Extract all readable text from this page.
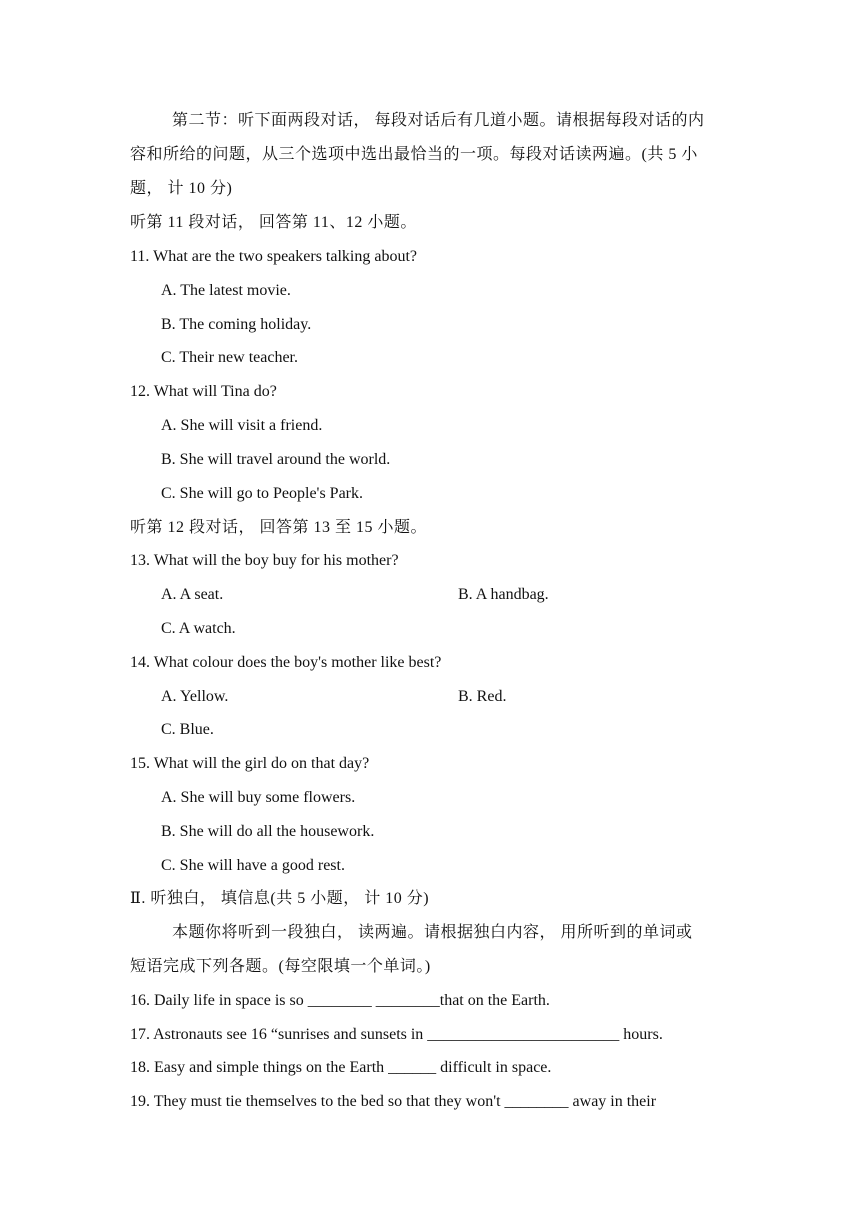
第二节：听下面两段对话， 每段对话后有几道小题。请根据每段对话的内
容和所给的问题，从三个选项中选出最恰当的一项。每段对话读两遍。(共 5 小
题， 计 10 分)
听第 11 段对话， 回答第 11、12 小题。
11. What are the two speakers talking about?
A. The latest movie.
B. The coming holiday.
C. Their new teacher.
12. What will Tina do?
A. She will visit a friend.
B. She will travel around the world.
C. She will go to People's Park.
听第 12 段对话， 回答第 13 至 15 小题。
13. What will the boy buy for his mother?
A. A seat.	B. A handbag.
C. A watch.
14. What colour does the boy's mother like best?
A. Yellow.	B. Red.
C. Blue.
15. What will the girl do on that day?
A. She will buy some flowers.
B. She will do all the housework.
C. She will have a good rest.
Ⅱ. 听独白， 填信息(共 5 小题， 计 10 分)
本题你将听到一段独白， 读两遍。请根据独白内容， 用所听到的单词或
短语完成下列各题。(每空限填一个单词。)
16. Daily life in space is so ________ ________that on the Earth.
17. Astronauts see 16 “sunrises and sunsets in ________________________ hours.
18. Easy and simple things on the Earth ______ difficult in space.
19. They must tie themselves to the bed so that they won't ________ away in their
